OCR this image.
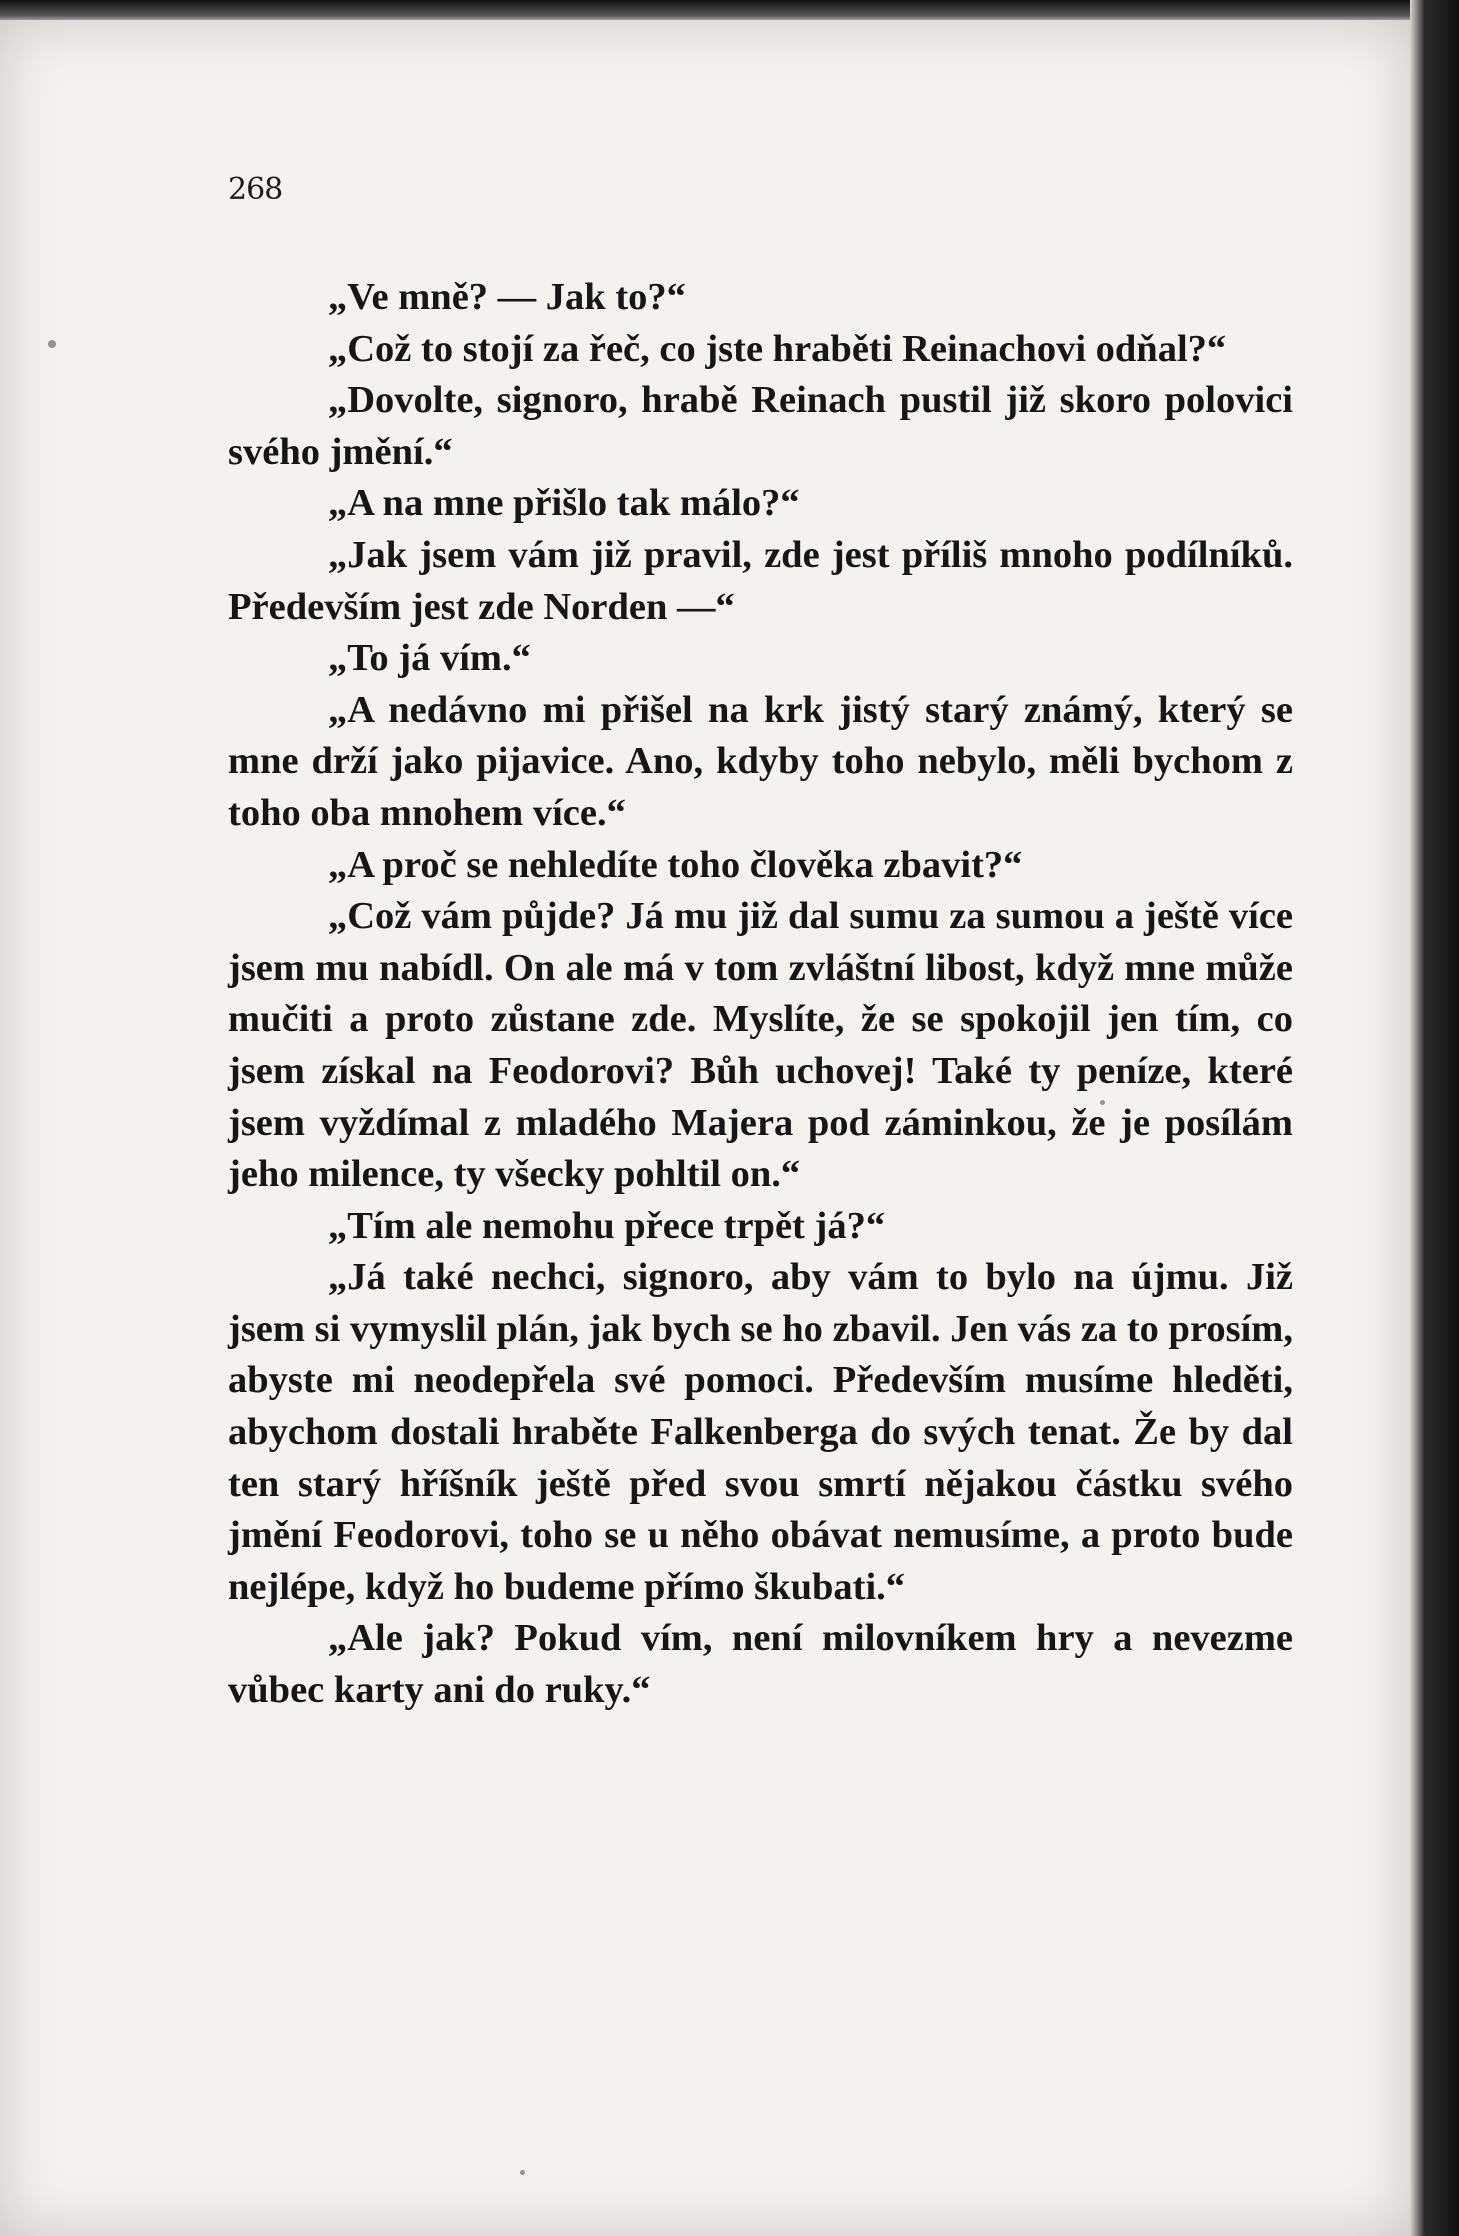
268

„Ve mně? — Jak to?“

„Což to stojí za řeč, co jste hraběti Reinachovi odňal?“

„Dovolte, signoro, hrabě Reinach pustil již skoro polovici svého jmění.“

„A na mne přišlo tak málo?“

„Jak jsem vám již pravil, zde jest příliš mnoho podílníků. Především jest zde Norden —“

„To já vím.“

„A nedávno mi přišel na krk jistý starý známý, který se mne drží jako pijavice. Ano, kdyby toho nebylo, měli bychom z toho oba mnohem více.“

„A proč se nehledíte toho člověka zbavit?“

„Což vám půjde? Já mu již dal sumu za sumou a ještě více jsem mu nabídl. On ale má v tom zvláštní libost, když mne může mučiti a proto zůstane zde. Myslíte, že se spokojil jen tím, co jsem získal na Feodorovi? Bůh uchovej! Také ty peníze, které jsem vyždímal z mladého Majera pod záminkou, že je posílám jeho milence, ty všecky pohltil on.“

„Tím ale nemohu přece trpět já?“

„Já také nechci, signoro, aby vám to bylo na újmu. Již jsem si vymyslil plán, jak bych se ho zbavil. Jen vás za to prosím, abyste mi neodepřela své pomoci. Především musíme hleděti, abychom dostali hraběte Falkenberga do svých tenat. Že by dal ten starý hříšník ještě před svou smrtí nějakou částku svého jmění Feodorovi, toho se u něho obávat nemusíme, a proto bude nejlépe, když ho budeme přímo škubati.“

„Ale jak? Pokud vím, není milovníkem hry a nevezme vůbec karty ani do ruky.“
